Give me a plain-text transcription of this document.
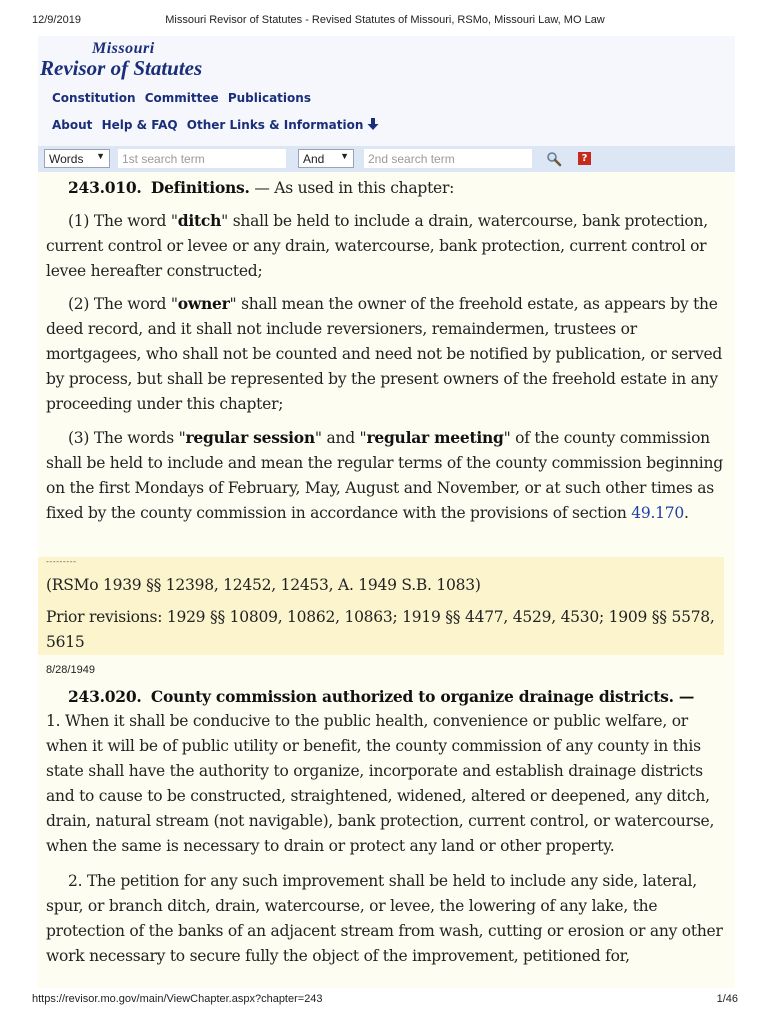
12/9/2019	Missouri Revisor of Statutes - Revised Statutes of Missouri, RSMo, Missouri Law, MO Law
Missouri
Revisor of Statutes
Constitution Committee Publications
About Help & FAQ Other Links & Information
Words ▼
1st search term	And ▼
2nd search term	?
243.010. Definitions. — As used in this chapter:
(1) The word "ditch" shall be held to include a drain, watercourse, bank protection, current control or levee or any drain, watercourse, bank protection, current control or levee hereafter constructed;
(2) The word "owner" shall mean the owner of the freehold estate, as appears by the deed record, and it shall not include reversioners, remaindermen, trustees or mortgagees, who shall not be counted and need not be notified by publication, or served by process, but shall be represented by the present owners of the freehold estate in any proceeding under this chapter;
(3) The words "regular session" and "regular meeting" of the county commission shall be held to include and mean the regular terms of the county commission beginning on the first Mondays of February, May, August and November, or at such other times as fixed by the county commission in accordance with the provisions of section 49.170.
---------
(RSMo 1939 §§ 12398, 12452, 12453, A. 1949 S.B. 1083)
Prior revisions: 1929 §§ 10809, 10862, 10863; 1919 §§ 4477, 4529, 4530; 1909 §§ 5578, 5615
8/28/1949
243.020. County commission authorized to organize drainage districts. —
1. When it shall be conducive to the public health, convenience or public welfare, or when it will be of public utility or benefit, the county commission of any county in this state shall have the authority to organize, incorporate and establish drainage districts and to cause to be constructed, straightened, widened, altered or deepened, any ditch, drain, natural stream (not navigable), bank protection, current control, or watercourse, when the same is necessary to drain or protect any land or other property.
2. The petition for any such improvement shall be held to include any side, lateral, spur, or branch ditch, drain, watercourse, or levee, the lowering of any lake, the protection of the banks of an adjacent stream from wash, cutting or erosion or any other work necessary to secure fully the object of the improvement, petitioned for,
https://revisor.mo.gov/main/ViewChapter.aspx?chapter=243	1/46
